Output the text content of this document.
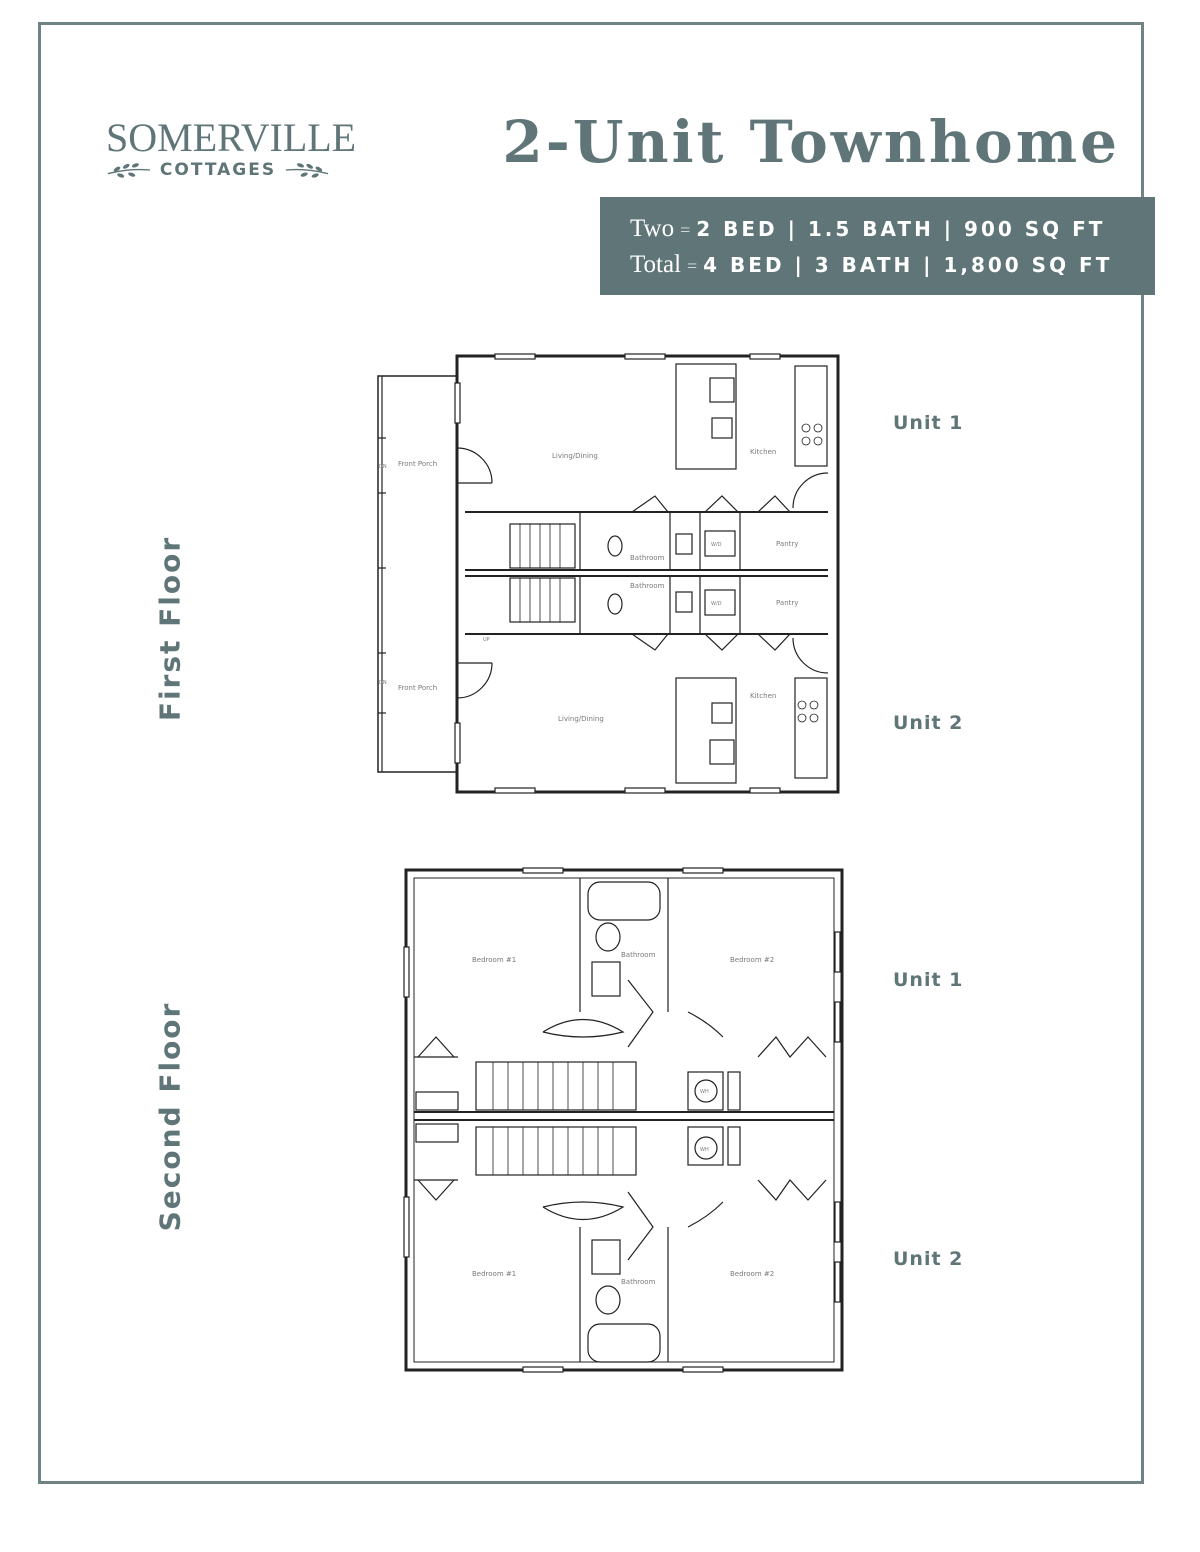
SOMERVILLE
COTTAGES	2-Unit Townhome
Two = 2 BED | 1.5 BATH | 900 SQ FT
Total = 4 BED | 3 BATH | 1,800 SQ FT
First Floor
Second Floor
Unit 1
Unit 2
Unit 1
Unit 2
Front Porch
Front Porch
Living/Dining
Living/Dining
Kitchen
Kitchen
Bathroom
Bathroom
Pantry
Pantry
W/D
W/D
DN
DN
UP
Bedroom #1	Bedroom #2
Bathroom
Bedroom #1	Bedroom #2
Bathroom
WH
WH
